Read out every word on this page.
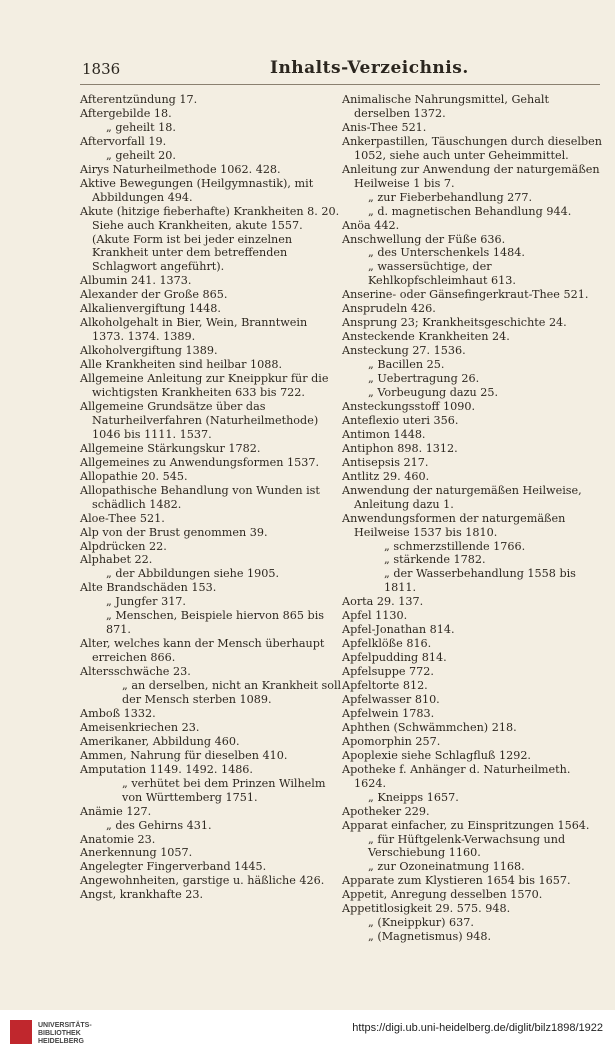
1836	Inhalts-Verzeichnis.
Afterentzündung 17.
Aftergebilde 18.
„ geheilt 18.
Aftervorfall 19.
„ geheilt 20.
Airys Naturheilmethode 1062. 428.
Aktive Bewegungen (Heilgymnastik), mit Abbildungen 494.
Akute (hitzige fieberhafte) Krankheiten 8. 20. Siehe auch Krankheiten, akute 1557. (Akute Form ist bei jeder einzelnen Krankheit unter dem betreffenden Schlagwort angeführt).
Albumin 241. 1373.
Alexander der Große 865.
Alkalienvergiftung 1448.
Alkoholgehalt in Bier, Wein, Branntwein 1373. 1374. 1389.
Alkoholvergiftung 1389.
Alle Krankheiten sind heilbar 1088.
Allgemeine Anleitung zur Kneippkur für die wichtigsten Krankheiten 633 bis 722.
Allgemeine Grundsätze über das Naturheilverfahren (Naturheilmethode) 1046 bis 1111. 1537.
Allgemeine Stärkungskur 1782.
Allgemeines zu Anwendungsformen 1537.
Allopathie 20. 545.
Allopathische Behandlung von Wunden ist schädlich 1482.
Aloe-Thee 521.
Alp von der Brust genommen 39.
Alpdrücken 22.
Alphabet 22.
„ der Abbildungen siehe 1905.
Alte Brandschäden 153.
„ Jungfer 317.
„ Menschen, Beispiele hiervon 865 bis 871.
Alter, welches kann der Mensch überhaupt erreichen 866.
Altersschwäche 23.
„ an derselben, nicht an Krankheit soll der Mensch sterben 1089.
Amboß 1332.
Ameisenkriechen 23.
Amerikaner, Abbildung 460.
Ammen, Nahrung für dieselben 410.
Amputation 1149. 1492. 1486.
„ verhütet bei dem Prinzen Wilhelm von Württemberg 1751.
Anämie 127.
„ des Gehirns 431.
Anatomie 23.
Anerkennung 1057.
Angelegter Fingerverband 1445.
Angewohnheiten, garstige u. häßliche 426.
Angst, krankhafte 23.
Animalische Nahrungsmittel, Gehalt derselben 1372.
Anis-Thee 521.
Ankerpastillen, Täuschungen durch dieselben 1052, siehe auch unter Geheimmittel.
Anleitung zur Anwendung der naturgemäßen Heilweise 1 bis 7.
„ zur Fieberbehandlung 277.
„ d. magnetischen Behandlung 944.
Anöa 442.
Anschwellung der Füße 636.
„ des Unterschenkels 1484.
„ wassersüchtige, der Kehlkopfschleimhaut 613.
Anserine- oder Gänsefingerkraut-Thee 521.
Ansprudeln 426.
Ansprung 23; Krankheitsgeschichte 24.
Ansteckende Krankheiten 24.
Ansteckung 27. 1536.
„ Bacillen 25.
„ Uebertragung 26.
„ Vorbeugung dazu 25.
Ansteckungsstoff 1090.
Anteflexio uteri 356.
Antimon 1448.
Antiphon 898. 1312.
Antisepsis 217.
Antlitz 29. 460.
Anwendung der naturgemäßen Heilweise, Anleitung dazu 1.
Anwendungsformen der naturgemäßen Heilweise 1537 bis 1810.
„ schmerzstillende 1766.
„ stärkende 1782.
„ der Wasserbehandlung 1558 bis 1811.
Aorta 29. 137.
Apfel 1130.
Apfel-Jonathan 814.
Apfelklöße 816.
Apfelpudding 814.
Apfelsuppe 772.
Apfeltorte 812.
Apfelwasser 810.
Apfelwein 1783.
Aphthen (Schwämmchen) 218.
Apomorphin 257.
Apoplexie siehe Schlagfluß 1292.
Apotheke f. Anhänger d. Naturheilmeth. 1624.
„ Kneipps 1657.
Apotheker 229.
Apparat einfacher, zu Einspritzungen 1564.
„ für Hüftgelenk-Verwachsung und Verschiebung 1160.
„ zur Ozoneinatmung 1168.
Apparate zum Klystieren 1654 bis 1657.
Appetit, Anregung desselben 1570.
Appetitlosigkeit 29. 575. 948.
„ (Kneippkur) 637.
„ (Magnetismus) 948.
UNIVERSITÄTS-BIBLIOTHEK HEIDELBERG
https://digi.ub.uni-heidelberg.de/diglit/bilz1898/1922
